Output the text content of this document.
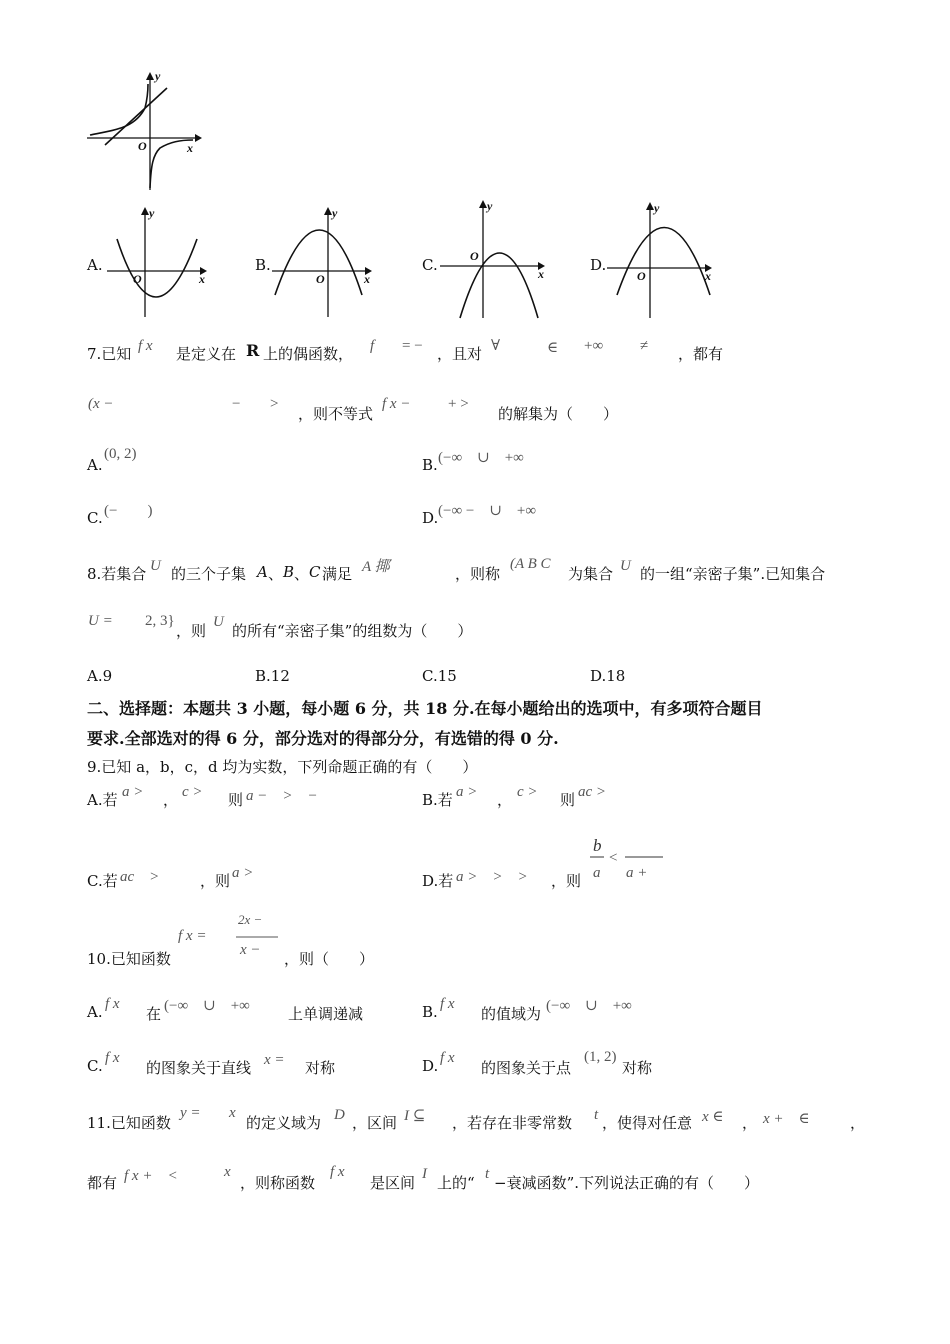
y
x
O
A.
y
x
O
B.
y
x
O
C.
y
x
O	D.
y
x
O
7.已知 f x 是定义在 R 上的偶函数， f = − ，且对 ∀	∈ +∞ ≠ ，都有
(x −	− >
，则不等式
f x −	+ >
的解集为（　　）
A.
(0, 2)
B. (−∞　∪　+∞
C. (−　　)	D. (−∞ −　∪　+∞
8.若集合 U 的三个子集 A 、 B 、 C 满足 A 揶	，则称
(A B C
为集合 U 的一组“亲密子集”.已知集合
U = 2, 3}
，则 U 的所有“亲密子集”的组数为（　　）
A.9	B.12	C.15	D.18
二、选择题：本题共 3 小题，每小题 6 分，共 18 分.在每小题给出的选项中，有多项符合题目
要求.全部选对的得 6 分，部分选对的得部分分，有选错的得 0 分.
9.已知 a，b，c，d 均为实数，下列命题正确的有（　　）
A.若 a > ， c > 则 a −　>　−	B.若 a > ， c > 则 ac >
C.若 ac　>	，则 a >	D.若 a >　>　> ，则
b
a
<
a +
10.已知函数
f x =
2x −
x − ，则（　　）
A. f x
在 (−∞　∪　+∞	上单调递减	B. f x
的值域为 (−∞　∪　+∞
C. f x
的图象关于直线 x = 对称	D. f x
的图象关于点
(1, 2)
对称
11.已知函数
y = x
的定义域为 D ，区间 I ⊆ ，若存在非零常数 t ，使得对任意 x ∈ ， x +　∈	，
都有 f x +　<	x
，则称函数
f x
是区间 I 上的“ t −衰减函数”.下列说法正确的有（　　）
